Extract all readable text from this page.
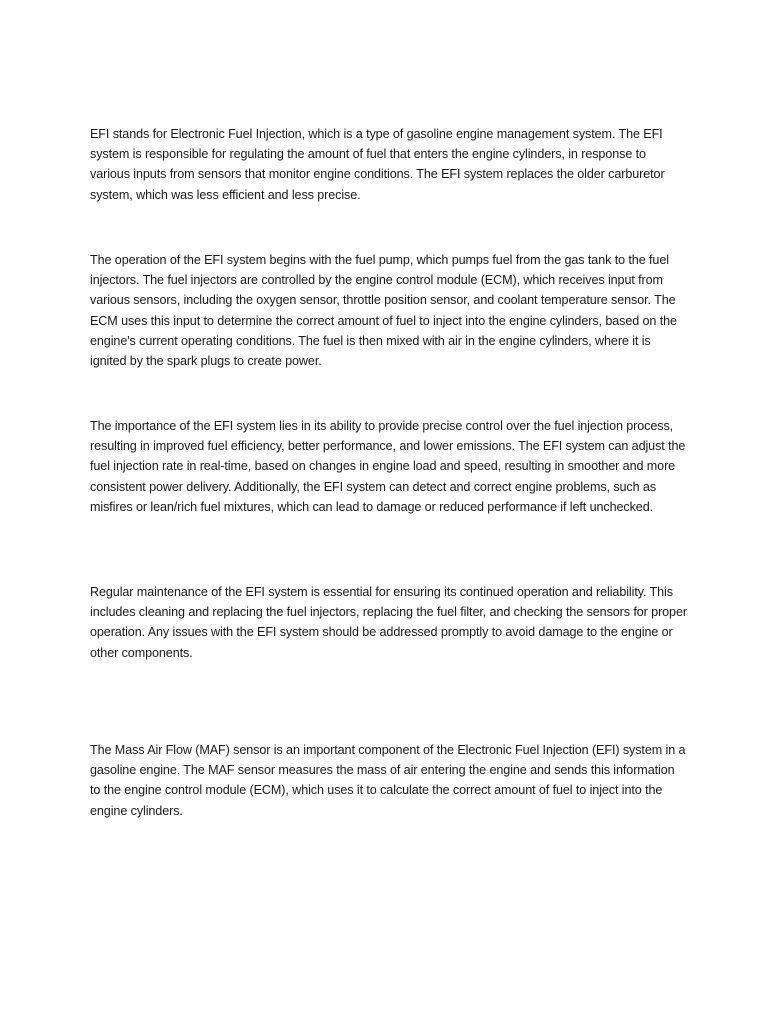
EFI stands for Electronic Fuel Injection, which is a type of gasoline engine management system. The EFI system is responsible for regulating the amount of fuel that enters the engine cylinders, in response to various inputs from sensors that monitor engine conditions. The EFI system replaces the older carburetor system, which was less efficient and less precise.

The operation of the EFI system begins with the fuel pump, which pumps fuel from the gas tank to the fuel injectors. The fuel injectors are controlled by the engine control module (ECM), which receives input from various sensors, including the oxygen sensor, throttle position sensor, and coolant temperature sensor. The ECM uses this input to determine the correct amount of fuel to inject into the engine cylinders, based on the engine's current operating conditions. The fuel is then mixed with air in the engine cylinders, where it is ignited by the spark plugs to create power.

The importance of the EFI system lies in its ability to provide precise control over the fuel injection process, resulting in improved fuel efficiency, better performance, and lower emissions. The EFI system can adjust the fuel injection rate in real-time, based on changes in engine load and speed, resulting in smoother and more consistent power delivery. Additionally, the EFI system can detect and correct engine problems, such as misfires or lean/rich fuel mixtures, which can lead to damage or reduced performance if left unchecked.

Regular maintenance of the EFI system is essential for ensuring its continued operation and reliability. This includes cleaning and replacing the fuel injectors, replacing the fuel filter, and checking the sensors for proper operation. Any issues with the EFI system should be addressed promptly to avoid damage to the engine or other components.

The Mass Air Flow (MAF) sensor is an important component of the Electronic Fuel Injection (EFI) system in a gasoline engine. The MAF sensor measures the mass of air entering the engine and sends this information to the engine control module (ECM), which uses it to calculate the correct amount of fuel to inject into the engine cylinders.
